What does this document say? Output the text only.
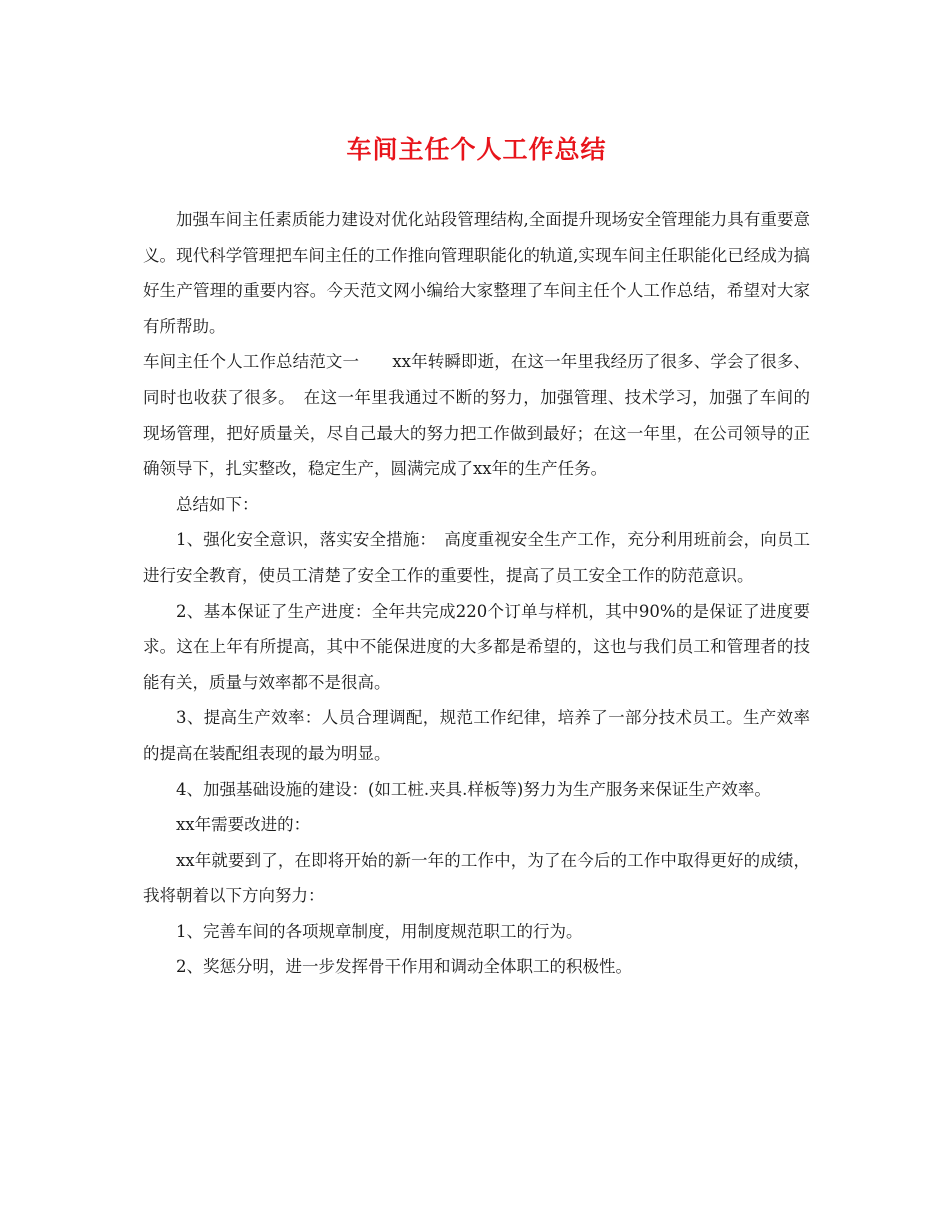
车间主任个人工作总结

加强车间主任素质能力建设对优化站段管理结构,全面提升现场安全管理能力具有重要意义。现代科学管理把车间主任的工作推向管理职能化的轨道,实现车间主任职能化已经成为搞好生产管理的重要内容。今天范文网小编给大家整理了车间主任个人工作总结，希望对大家有所帮助。

车间主任个人工作总结范文一　　xx年转瞬即逝，在这一年里我经历了很多、学会了很多、同时也收获了很多。　在这一年里我通过不断的努力，加强管理、技术学习，加强了车间的现场管理，把好质量关，尽自己最大的努力把工作做到最好；在这一年里，在公司领导的正确领导下，扎实整改，稳定生产，圆满完成了xx年的生产任务。

总结如下：

1、强化安全意识，落实安全措施：　高度重视安全生产工作，充分利用班前会，向员工进行安全教育，使员工清楚了安全工作的重要性，提高了员工安全工作的防范意识。

2、基本保证了生产进度：全年共完成220个订单与样机，其中90%的是保证了进度要求。这在上年有所提高，其中不能保进度的大多都是希望的，这也与我们员工和管理者的技能有关，质量与效率都不是很高。

3、提高生产效率：人员合理调配，规范工作纪律，培养了一部分技术员工。生产效率的提高在装配组表现的最为明显。

4、加强基础设施的建设：(如工桩.夹具.样板等)努力为生产服务来保证生产效率。

xx年需要改进的：

xx年就要到了，在即将开始的新一年的工作中，为了在今后的工作中取得更好的成绩，我将朝着以下方向努力：

1、完善车间的各项规章制度，用制度规范职工的行为。

2、奖惩分明，进一步发挥骨干作用和调动全体职工的积极性。
